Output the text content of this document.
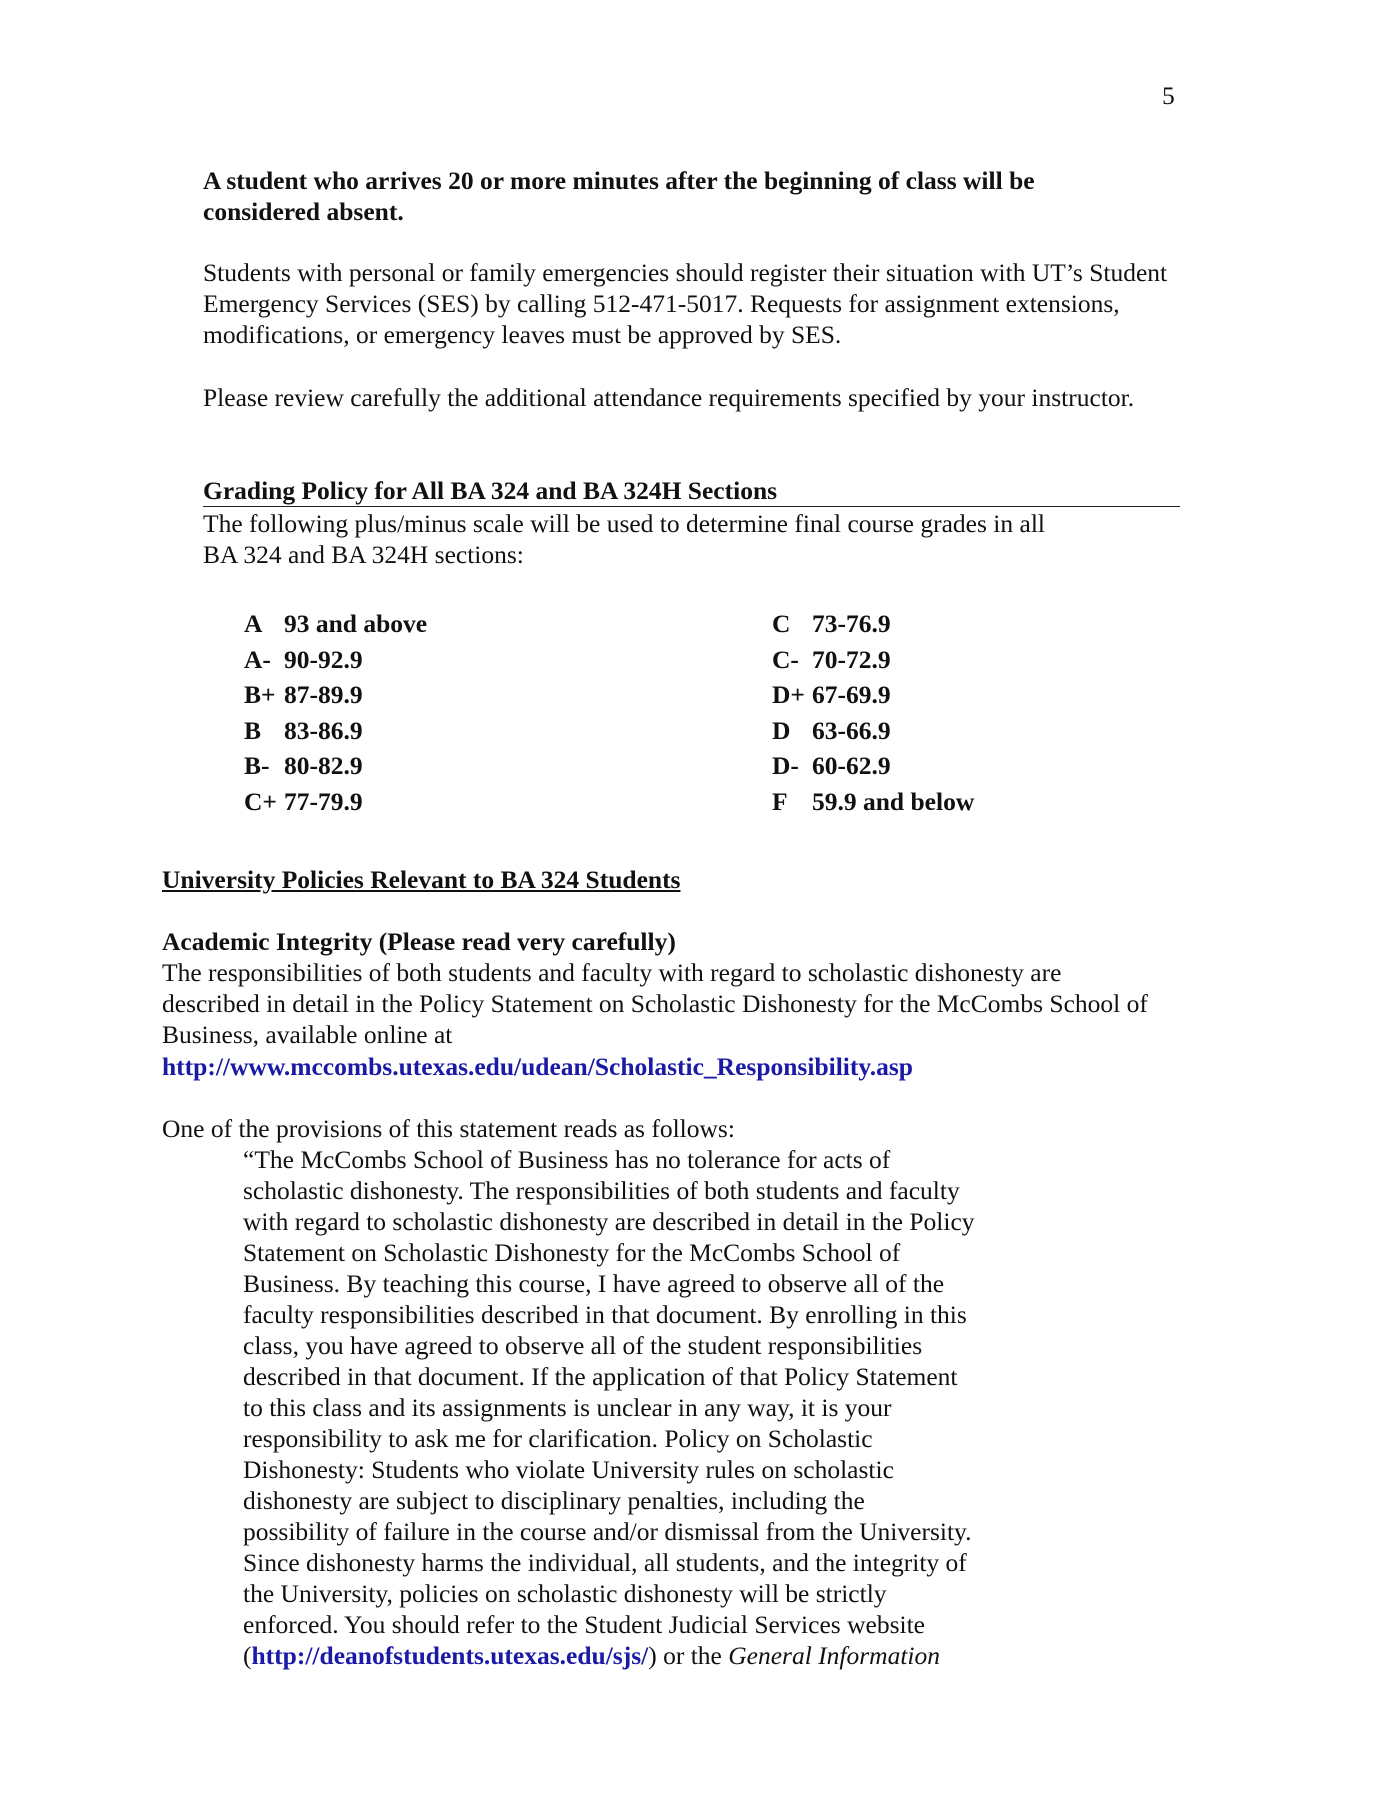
5
A student who arrives 20 or more minutes after the beginning of class will be considered absent.
Students with personal or family emergencies should register their situation with UT’s Student Emergency Services (SES) by calling 512-471-5017. Requests for assignment extensions, modifications, or emergency leaves must be approved by SES.
Please review carefully the additional attendance requirements specified by your instructor.
Grading Policy for All BA 324 and BA 324H Sections
The following plus/minus scale will be used to determine final course grades in all
BA 324 and BA 324H sections:
A 93 and above
A- 90-92.9
B+ 87-89.9
B 83-86.9
B- 80-82.9
C+ 77-79.9
C 73-76.9
C- 70-72.9
D+ 67-69.9
D 63-66.9
D- 60-62.9
F 59.9 and below
University Policies Relevant to BA 324 Students
Academic Integrity (Please read very carefully)
The responsibilities of both students and faculty with regard to scholastic dishonesty are
described in detail in the Policy Statement on Scholastic Dishonesty for the McCombs School of
Business, available online at
http://www.mccombs.utexas.edu/udean/Scholastic_Responsibility.asp
One of the provisions of this statement reads as follows:
“The McCombs School of Business has no tolerance for acts of
scholastic dishonesty. The responsibilities of both students and faculty
with regard to scholastic dishonesty are described in detail in the Policy
Statement on Scholastic Dishonesty for the McCombs School of
Business. By teaching this course, I have agreed to observe all of the
faculty responsibilities described in that document. By enrolling in this
class, you have agreed to observe all of the student responsibilities
described in that document. If the application of that Policy Statement
to this class and its assignments is unclear in any way, it is your
responsibility to ask me for clarification. Policy on Scholastic
Dishonesty: Students who violate University rules on scholastic
dishonesty are subject to disciplinary penalties, including the
possibility of failure in the course and/or dismissal from the University.
Since dishonesty harms the individual, all students, and the integrity of
the University, policies on scholastic dishonesty will be strictly
enforced. You should refer to the Student Judicial Services website
(http://deanofstudents.utexas.edu/sjs/) or the General Information
